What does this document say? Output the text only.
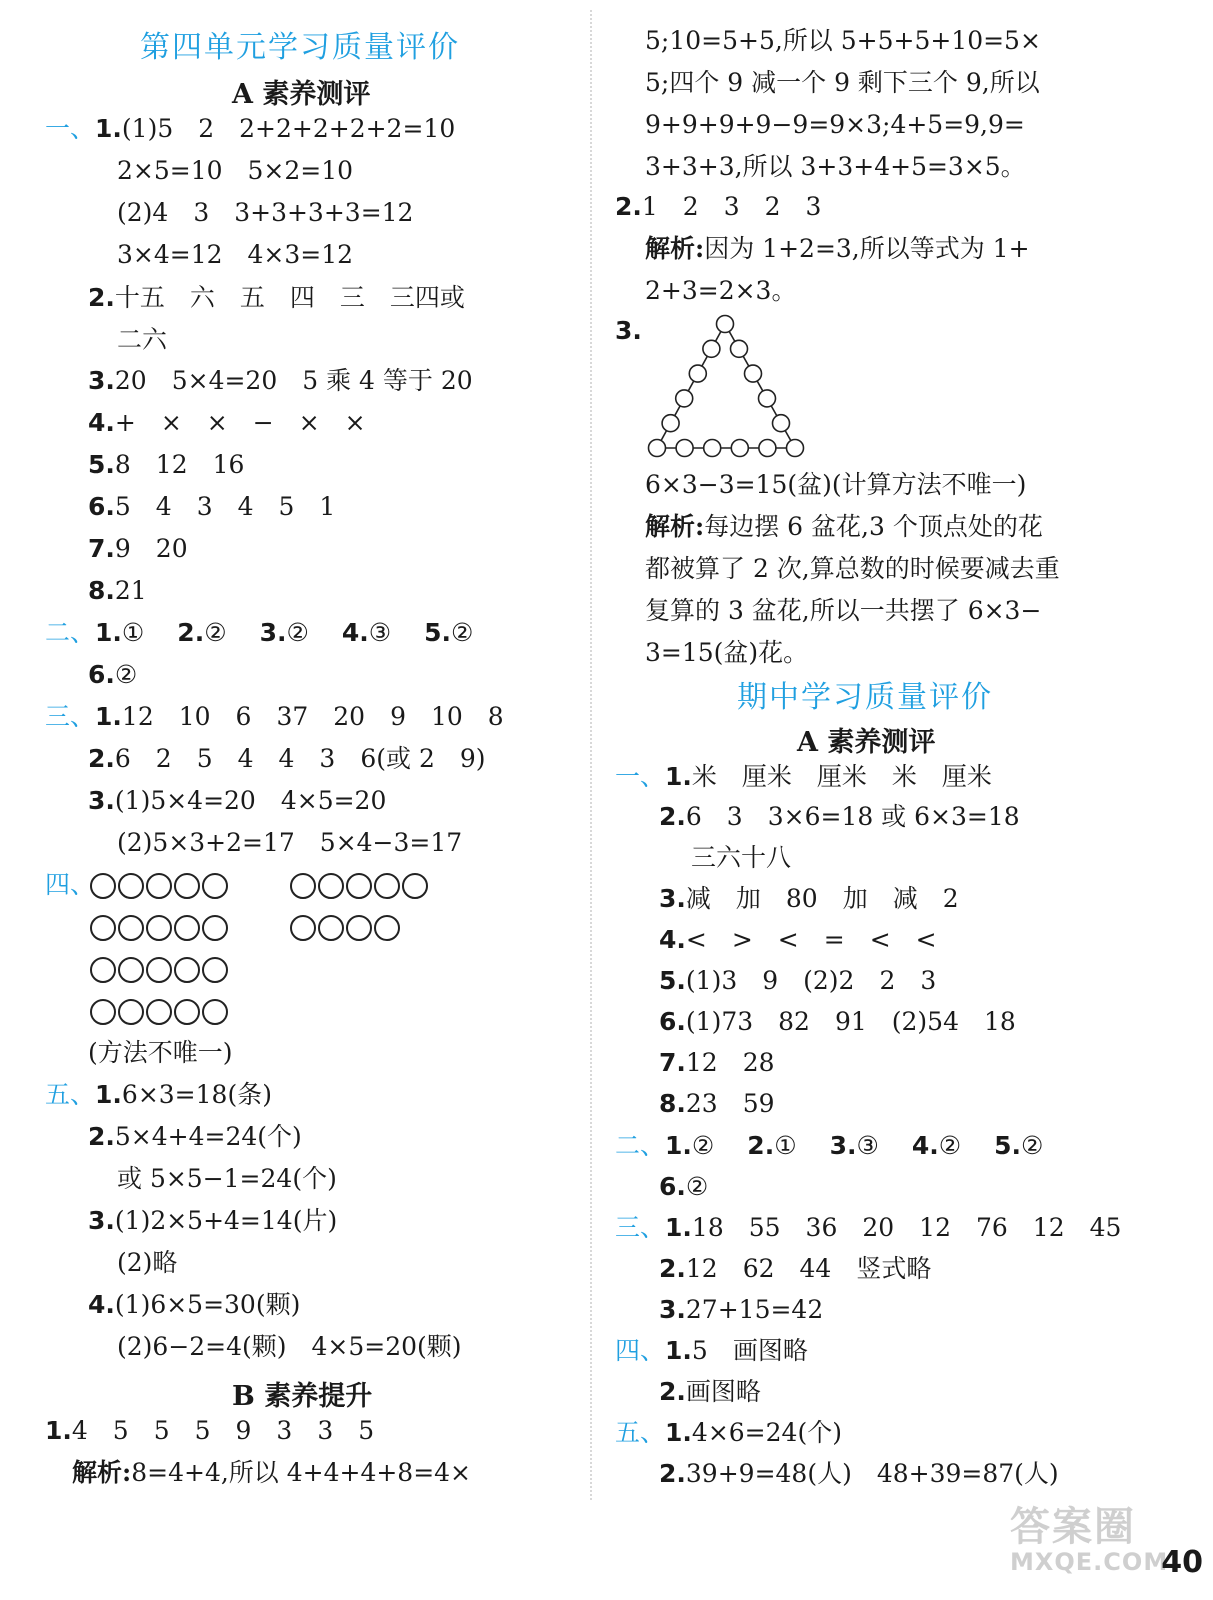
第四单元学习质量评价
A 素养测评
一、1.(1)5　2　2+2+2+2+2=10
2×5=10　5×2=10
(2)4　3　3+3+3+3=12
3×4=12　4×3=12
2.十五　六　五　四　三　三四或
二六
3.20　5×4=20　5 乘 4 等于 20
4.+　×　×　−　×　×
5.8　12　16
6.5　4　3　4　5　1
7.9　20
8.21
二、1.①　 2.②　 3.②　 4.③　 5.②
6.②
三、1.12　10　6　37　20　9　10　8
2.6　2　5　4　4　3　6(或 2　9)
3.(1)5×4=20　4×5=20
(2)5×3+2=17　5×4−3=17
四、
(方法不唯一)
五、1.6×3=18(条)
2.5×4+4=24(个)
或 5×5−1=24(个)
3.(1)2×5+4=14(片)
(2)略
4.(1)6×5=30(颗)
(2)6−2=4(颗)　4×5=20(颗)
B 素养提升
1.4　5　5　5　9　3　3　5
解析:8=4+4,所以 4+4+4+8=4×
5;10=5+5,所以 5+5+5+10=5×
5;四个 9 减一个 9 剩下三个 9,所以
9+9+9+9−9=9×3;4+5=9,9=
3+3+3,所以 3+3+4+5=3×5。
2.1　2　3　2　3
解析:因为 1+2=3,所以等式为 1+
2+3=2×3。
3.
6×3−3=15(盆)(计算方法不唯一)
解析:每边摆 6 盆花,3 个顶点处的花
都被算了 2 次,算总数的时候要减去重
复算的 3 盆花,所以一共摆了 6×3−
3=15(盆)花。
期中学习质量评价
A 素养测评
一、1.米　厘米　厘米　米　厘米
2.6　3　3×6=18 或 6×3=18
三六十八
3.减　加　80　加　减　2
4.<　>　<　=　<　<
5.(1)3　9　(2)2　2　3
6.(1)73　82　91　(2)54　18
7.12　28
8.23　59
二、1.②　 2.①　 3.③　 4.②　 5.②
6.②
三、1.18　55　36　20　12　76　12　45
2.12　62　44　竖式略
3.27+15=42
四、1.5　画图略
2.画图略
五、1.4×6=24(个)
2.39+9=48(人)　48+39=87(人)
答案圈
MXQE.COM
40
